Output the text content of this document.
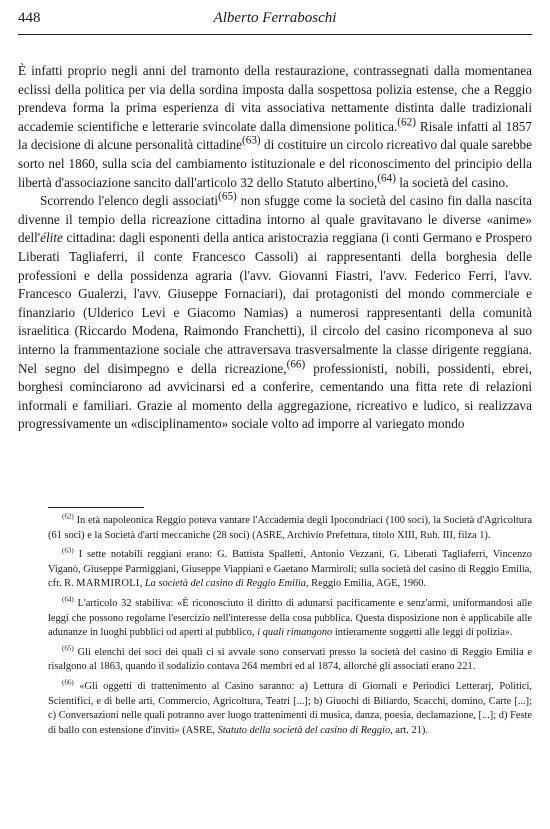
448	Alberto Ferraboschi

È infatti proprio negli anni del tramonto della restaurazione, contrassegnati dalla momentanea eclissi della politica per via della sordina imposta dalla sospettosa polizia estense, che a Reggio prendeva forma la prima esperienza di vita associativa nettamente distinta dalle tradizionali accademie scientifiche e letterarie svincolate dalla dimensione politica.$^{(62)}$ Risale infatti al 1857 la decisione di alcune personalità cittadine$^{(63)}$ di costituire un circolo ricreativo dal quale sarebbe sorto nel 1860, sulla scia del cambiamento istituzionale e del riconoscimento del principio della libertà d'associazione sancito dall'articolo 32 dello Statuto albertino,$^{(64)}$ la società del casino.

Scorrendo l'elenco degli associati$^{(65)}$ non sfugge come la società del casino fin dalla nascita divenne il tempio della ricreazione cittadina intorno al quale gravitavano le diverse «anime» dell'élite cittadina: dagli esponenti della antica aristocrazia reggiana (i conti Germano e Prospero Liberati Tagliaferri, il conte Francesco Cassoli) ai rappresentanti della borghesia delle professioni e della possidenza agraria (l'avv. Giovanni Fiastri, l'avv. Federico Ferri, l'avv. Francesco Gualerzi, l'avv. Giuseppe Fornaciari), dai protagonisti del mondo commerciale e finanziario (Ulderico Levi e Giacomo Namias) a numerosi rappresentanti della comunità israelitica (Riccardo Modena, Raimondo Franchetti), il circolo del casino ricomponeva al suo interno la frammentazione sociale che attraversava trasversalmente la classe dirigente reggiana. Nel segno del disimpegno e della ricreazione,$^{(66)}$ professionisti, nobili, possidenti, ebrei, borghesi cominciarono ad avvicinarsi ed a conferire, cementando una fitta rete di relazioni informali e familiari. Grazie al momento della aggregazione, ricreativo e ludico, si realizzava progressivamente un «disciplinamento» sociale volto ad imporre al variegato mondo

$^{(62)}$ In età napoleonica Reggio poteva vantare l'Accademia degli Ipocondriaci (100 soci), la Società d'Agricoltura (61 soci) e la Società d'arti meccaniche (28 soci) (ASRE, Archivio Prefettura, titolo XIII, Rub. III, filza 1).

$^{(63)}$ I sette notabili reggiani erano: G. Battista Spalletti, Antonio Vezzani, G. Liberati Tagliaferri, Vincenzo Viganò, Giuseppe Parmiggiani, Giuseppe Viappiani e Gaetano Marmiroli; sulla società del casino di Reggio Emilia, cfr. R. MARMIROLI, La società del casino di Reggio Emilia, Reggio Emilia, AGE, 1960.

$^{(64)}$ L'articolo 32 stabiliva: «È riconosciuto il diritto di adunarsi pacificamente e senz'armi, uniformandosi alle leggi che possono regolarne l'esercizio nell'interesse della cosa pubblica. Questa disposizione non è applicabile alle adunanze in luoghi pubblici od aperti al pubblico, i quali rimangono intieramente soggetti alle leggi di polizia».

$^{(65)}$ Gli elenchi dei soci dei quali ci si avvale sono conservati presso la società del casino di Reggio Emilia e risalgono al 1863, quando il sodalizio contava 264 membri ed al 1874, allorché gli associati erano 221.

$^{(66)}$ «Gli oggetti di trattenimento al Casino saranno: a) Lettura di Giornali e Periodici Letterarj, Politici, Scientifici, e di belle arti, Commercio, Agricoltura, Teatri [...]; b) Giuochi di Biliardo, Scacchi, domino, Carte [...]; c) Conversazioni nelle quali potranno aver luogo trattenimenti di musica, danza, poesia, declamazione, [...]; d) Feste di ballo con estensione d'inviti» (ASRE, Statuto della società del casino di Reggio, art. 21).
